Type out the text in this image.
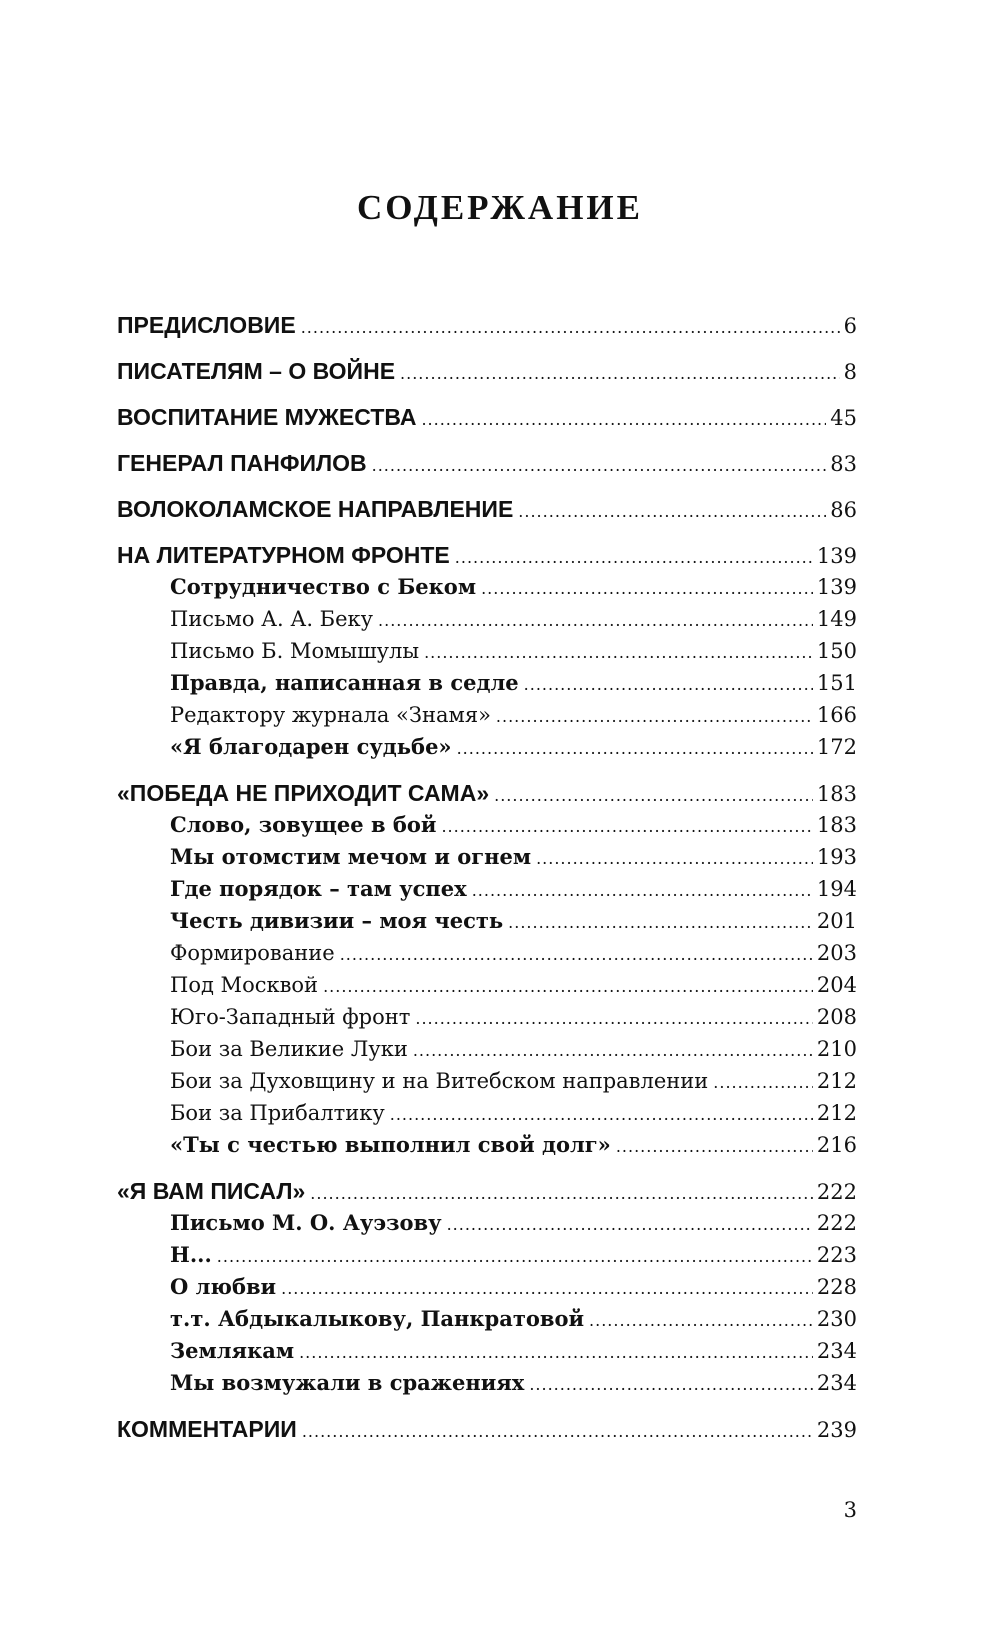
СОДЕРЖАНИЕ
ПРЕДИСЛОВИЕ .....	6
ПИСАТЕЛЯМ – О ВОЙНЕ .....	8
ВОСПИТАНИЕ МУЖЕСТВА .....	45
ГЕНЕРАЛ ПАНФИЛОВ .....	83
ВОЛОКОЛАМСКОЕ НАПРАВЛЕНИЕ .....	86
НА ЛИТЕРАТУРНОМ ФРОНТЕ .....	139
Сотрудничество с Беком .....	139
Письмо А. А. Беку .....	149
Письмо Б. Момышулы .....	150
Правда, написанная в седле .....	151
Редактору журнала «Знамя» .....	166
«Я благодарен судьбе» .....	172
«ПОБЕДА НЕ ПРИХОДИТ САМА» .....	183
Слово, зовущее в бой .....	183
Мы отомстим мечом и огнем .....	193
Где порядок – там успех .....	194
Честь дивизии – моя честь .....	201
Формирование .....	203
Под Москвой .....	204
Юго-Западный фронт .....	208
Бои за Великие Луки .....	210
Бои за Духовщину и на Витебском направлении .....	212
Бои за Прибалтику .....	212
«Ты с честью выполнил свой долг» .....	216
«Я ВАМ ПИСАЛ» .....	222
Письмо М. О. Ауэзову .....	222
Н... .....	223
О любви .....	228
т.т. Абдыкалыкову, Панкратовой .....	230
Землякам .....	234
Мы возмужали в сражениях .....	234
КОММЕНТАРИИ .....	239
3
